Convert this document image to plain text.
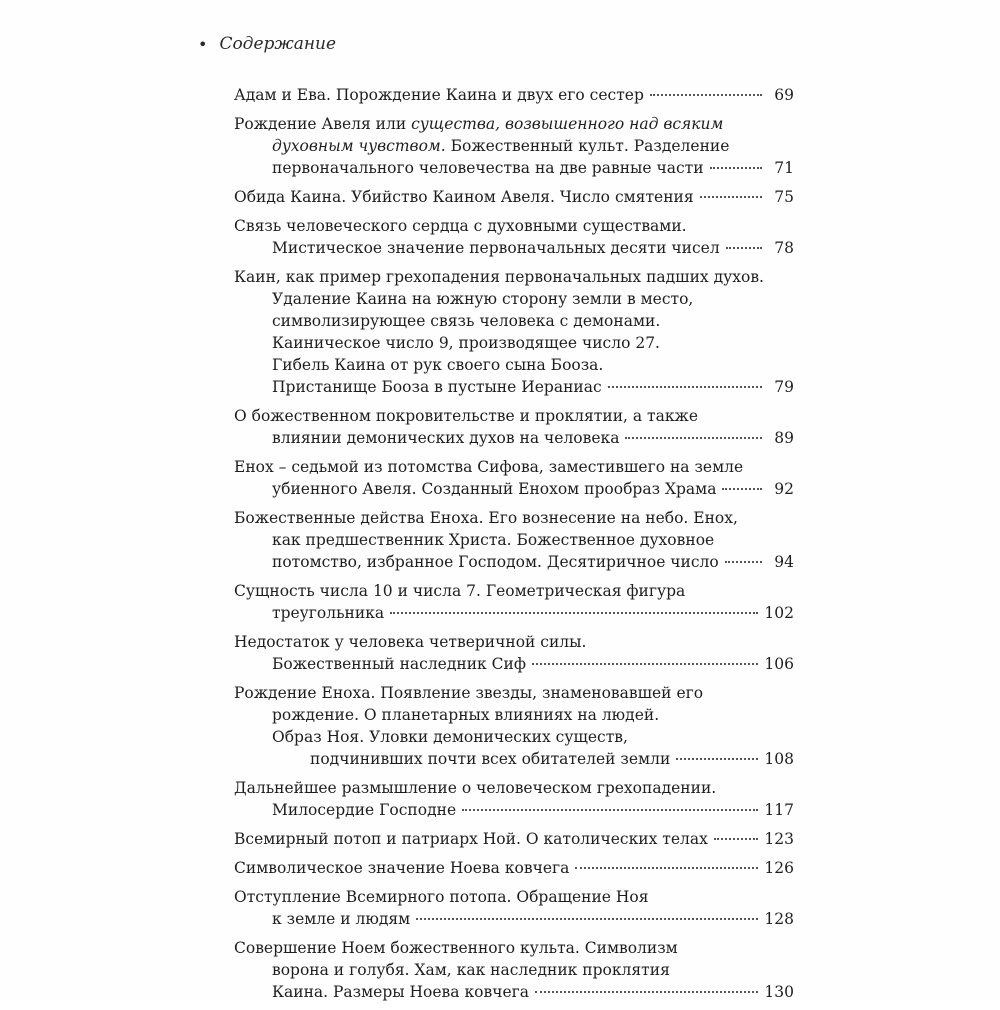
• Содержание
Адам и Ева. Порождение Каина и двух его сестер	69
Рождение Авеля или существа, возвышенного над всяким
духовным чувством. Божественный культ. Разделение
первоначального человечества на две равные части	71
Обида Каина. Убийство Каином Авеля. Число смятения	75
Связь человеческого сердца с духовными существами.
Мистическое значение первоначальных десяти чисел	78
Каин, как пример грехопадения первоначальных падших духов.
Удаление Каина на южную сторону земли в место,
символизирующее связь человека с демонами.
Каиническое число 9, производящее число 27.
Гибель Каина от рук своего сына Бооза.
Пристанище Бооза в пустыне Иераниас	79
О божественном покровительстве и проклятии, а также
влиянии демонических духов на человека	89
Енох – седьмой из потомства Сифова, заместившего на земле
убиенного Авеля. Созданный Енохом прообраз Храма	92
Божественные действа Еноха. Его вознесение на небо. Енох,
как предшественник Христа. Божественное духовное
потомство, избранное Господом. Десятиричное число	94
Сущность числа 10 и числа 7. Геометрическая фигура
треугольника	102
Недостаток у человека четверичной силы.
Божественный наследник Сиф	106
Рождение Еноха. Появление звезды, знаменовавшей его
рождение. О планетарных влияниях на людей.
Образ Ноя. Уловки демонических существ,
подчинивших почти всех обитателей земли	108
Дальнейшее размышление о человеческом грехопадении.
Милосердие Господне	117
Всемирный потоп и патриарх Ной. О католических телах	123
Символическое значение Ноева ковчега	126
Отступление Всемирного потопа. Обращение Ноя
к земле и людям	128
Совершение Ноем божественного культа. Символизм
ворона и голубя. Хам, как наследник проклятия
Каина. Размеры Ноева ковчега	130
